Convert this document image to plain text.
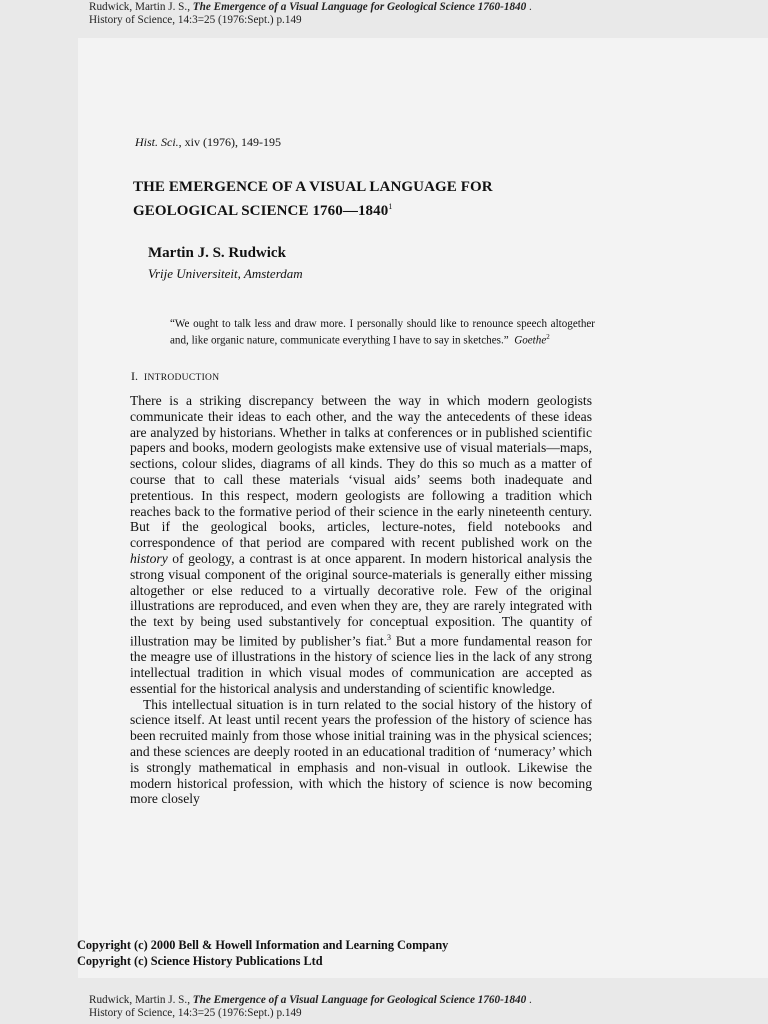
Rudwick, Martin J. S., The Emergence of a Visual Language for Geological Science 1760-1840 .
History of Science, 14:3=25 (1976:Sept.) p.149
Hist. Sci., xiv (1976), 149-195
THE EMERGENCE OF A VISUAL LANGUAGE FOR
GEOLOGICAL SCIENCE 1760—1840$^1$
Martin J. S. Rudwick
Vrije Universiteit, Amsterdam

“We ought to talk less and draw more. I personally should like to renounce speech altogether and, like organic nature, communicate everything I have to say in sketches.” Goethe$^2$

I. INTRODUCTION

There is a striking discrepancy between the way in which modern geologists communicate their ideas to each other, and the way the antecedents of these ideas are analyzed by historians. Whether in talks at conferences or in published scientific papers and books, modern geologists make extensive use of visual materials—maps, sections, colour slides, diagrams of all kinds. They do this so much as a matter of course that to call these materials ‘visual aids’ seems both inadequate and pretentious. In this respect, modern geologists are following a tradition which reaches back to the formative period of their science in the early nineteenth century. But if the geological books, articles, lecture-notes, field notebooks and correspondence of that period are compared with recent published work on the history of geology, a contrast is at once apparent. In modern historical analysis the strong visual component of the original source-materials is generally either missing altogether or else reduced to a virtually decorative role. Few of the original illustrations are reproduced, and even when they are, they are rarely integrated with the text by being used substantively for conceptual exposition. The quantity of illustration may be limited by publisher’s fiat.$^3$ But a more fundamental reason for the meagre use of illustrations in the history of science lies in the lack of any strong intellectual tradition in which visual modes of communication are accepted as essential for the historical analysis and understanding of scientific knowledge.

This intellectual situation is in turn related to the social history of the history of science itself. At least until recent years the profession of the history of science has been recruited mainly from those whose initial training was in the physical sciences; and these sciences are deeply rooted in an educational tradition of ‘numeracy’ which is strongly mathematical in emphasis and non-visual in outlook. Likewise the modern historical profession, with which the history of science is now becoming more closely

Copyright (c) 2000 Bell & Howell Information and Learning Company
Copyright (c) Science History Publications Ltd
Rudwick, Martin J. S., The Emergence of a Visual Language for Geological Science 1760-1840 .
History of Science, 14:3=25 (1976:Sept.) p.149
